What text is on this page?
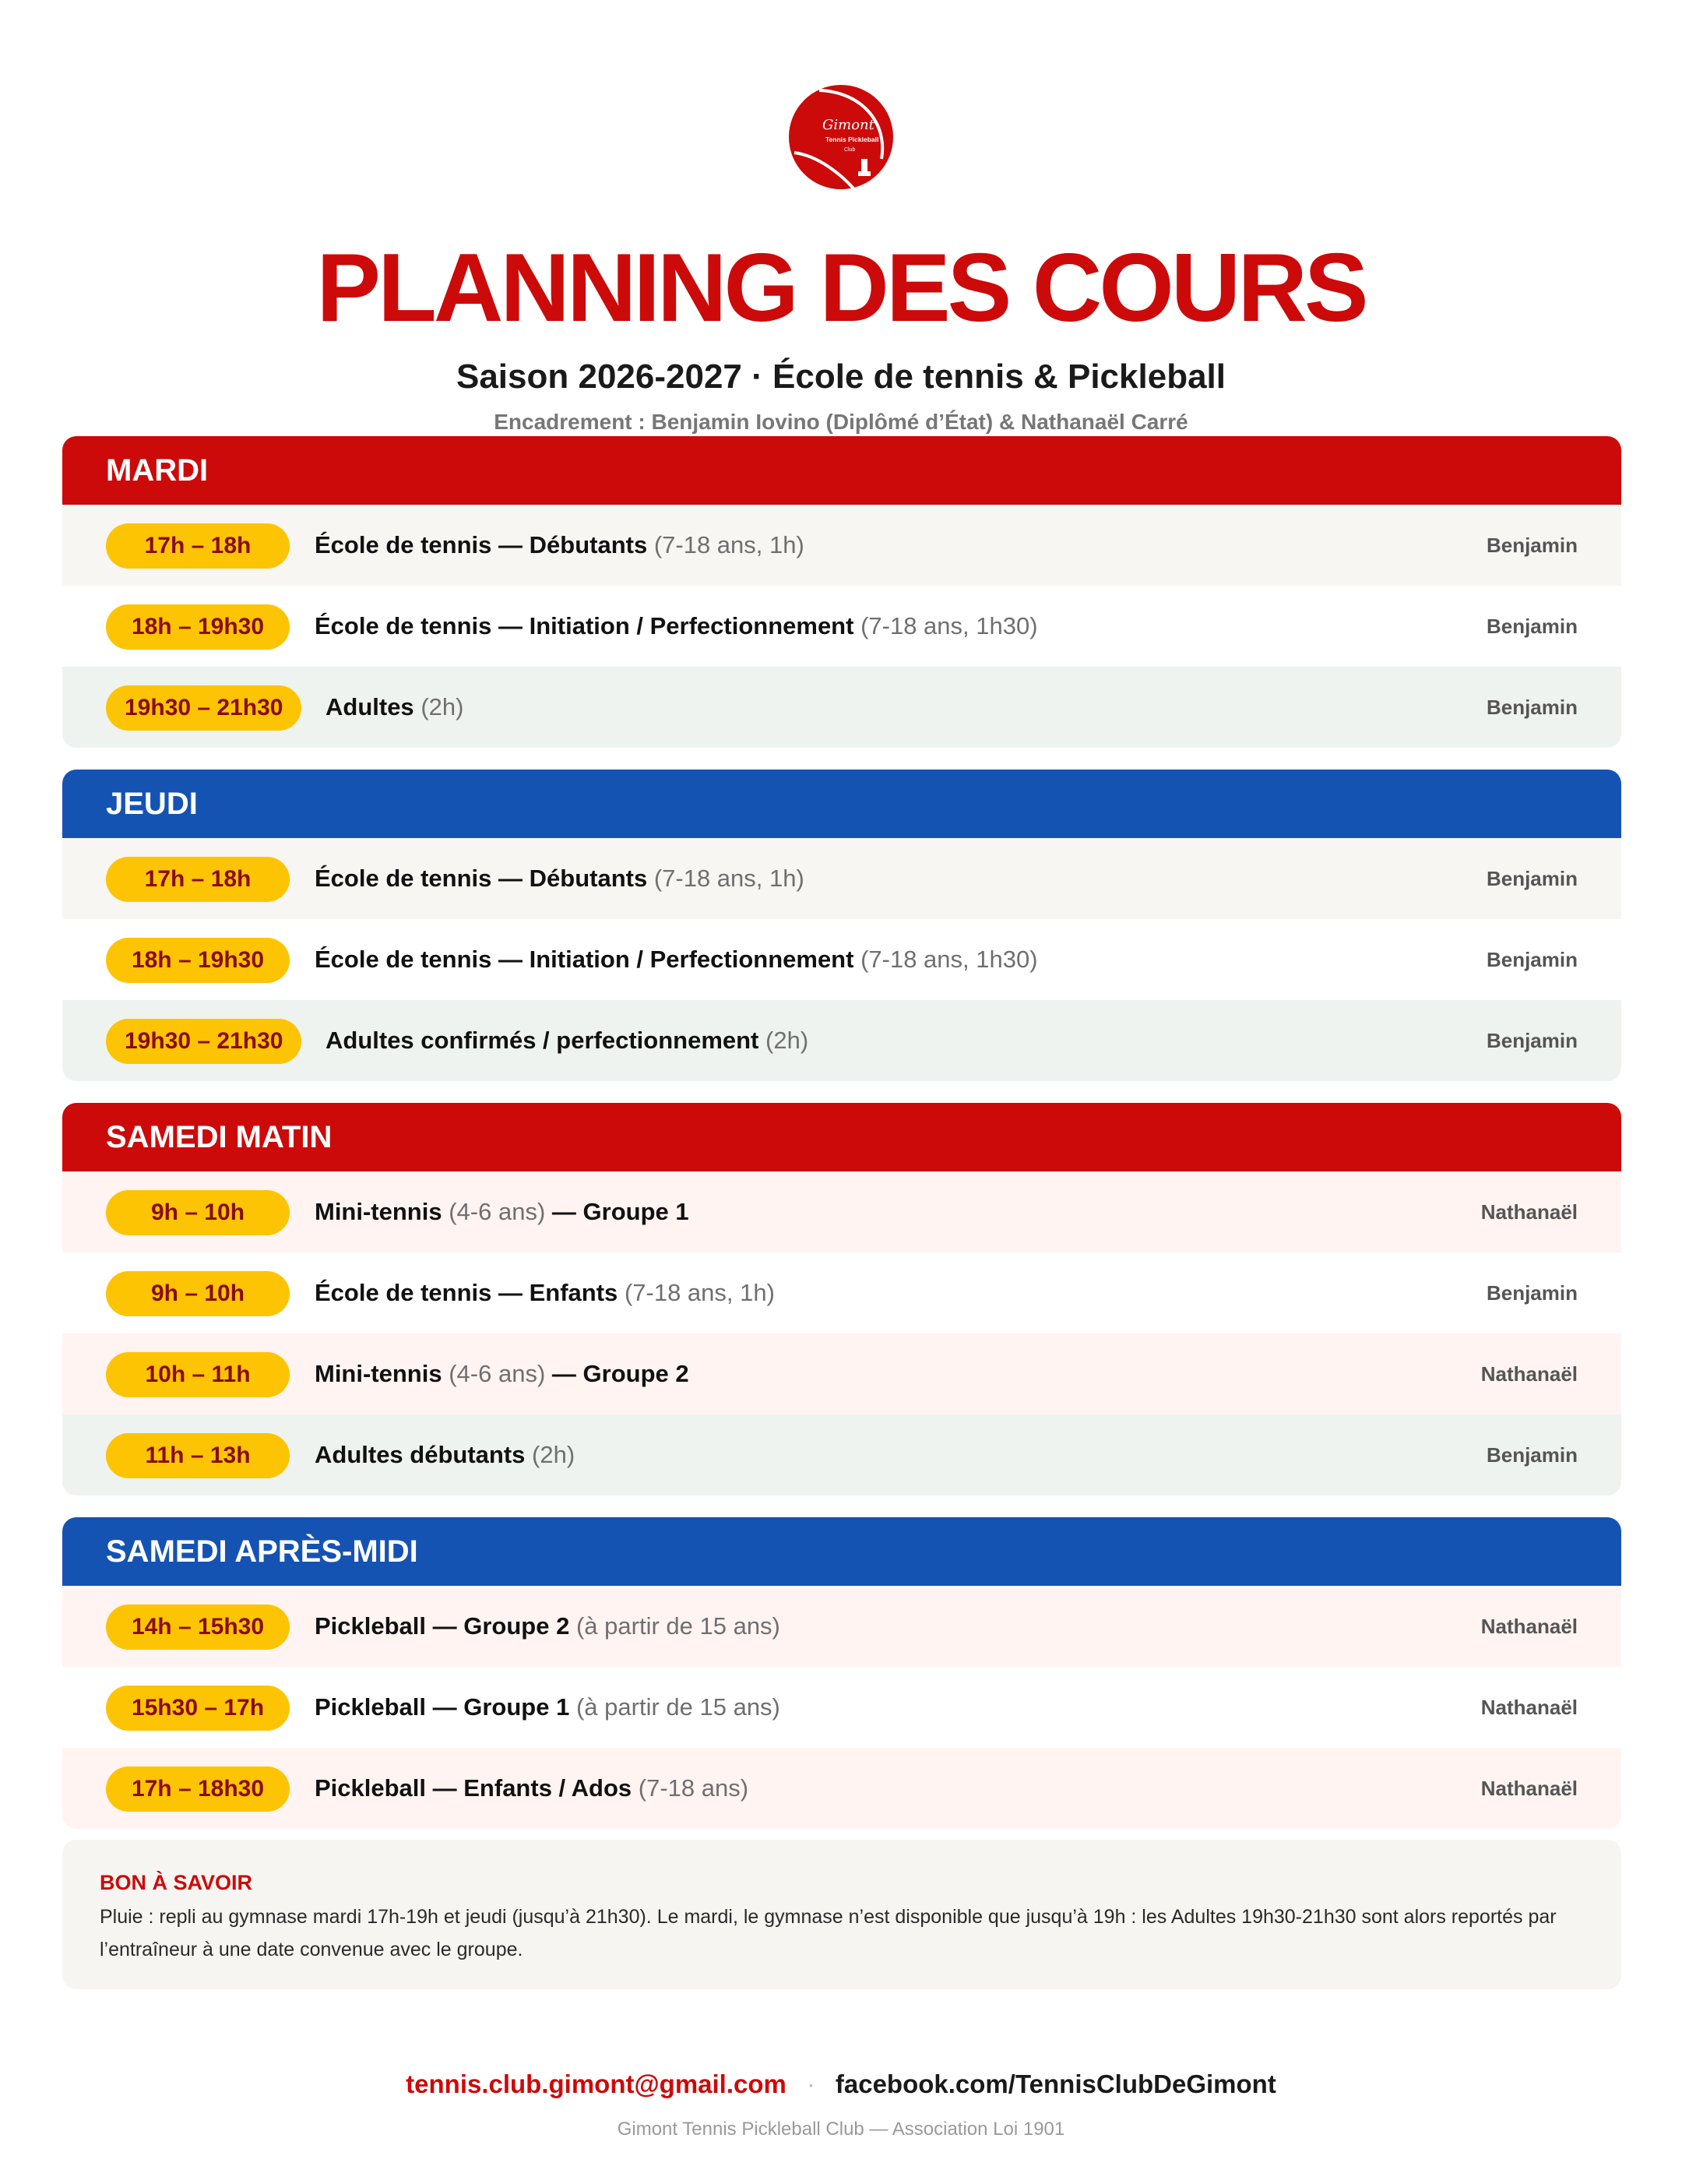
Gimont
Tennis Pickleball
Club
PLANNING DES COURS
Saison 2026-2027 · École de tennis & Pickleball
Encadrement : Benjamin Iovino (Diplômé d’État) & Nathanaël Carré
MARDI
17h – 18h	École de tennis — Débutants (7-18 ans, 1h)	Benjamin
18h – 19h30	École de tennis — Initiation / Perfectionnement (7-18 ans, 1h30)	Benjamin
19h30 – 21h30	Adultes (2h)	Benjamin
JEUDI
17h – 18h	École de tennis — Débutants (7-18 ans, 1h)	Benjamin
18h – 19h30	École de tennis — Initiation / Perfectionnement (7-18 ans, 1h30)	Benjamin
19h30 – 21h30	Adultes confirmés / perfectionnement (2h)	Benjamin
SAMEDI MATIN
9h – 10h	Mini-tennis (4-6 ans) — Groupe 1	Nathanaël
9h – 10h	École de tennis — Enfants (7-18 ans, 1h)	Benjamin
10h – 11h	Mini-tennis (4-6 ans) — Groupe 2	Nathanaël
11h – 13h	Adultes débutants (2h)	Benjamin
SAMEDI APRÈS-MIDI
14h – 15h30	Pickleball — Groupe 2 (à partir de 15 ans)	Nathanaël
15h30 – 17h	Pickleball — Groupe 1 (à partir de 15 ans)	Nathanaël
17h – 18h30	Pickleball — Enfants / Ados (7-18 ans)	Nathanaël
BON À SAVOIR
Pluie : repli au gymnase mardi 17h-19h et jeudi (jusqu’à 21h30). Le mardi, le gymnase n’est disponible que jusqu’à 19h : les Adultes 19h30-21h30 sont alors reportés par l’entraîneur à une date convenue avec le groupe.
tennis.club.gimont@gmail.com · facebook.com/TennisClubDeGimont
Gimont Tennis Pickleball Club — Association Loi 1901
